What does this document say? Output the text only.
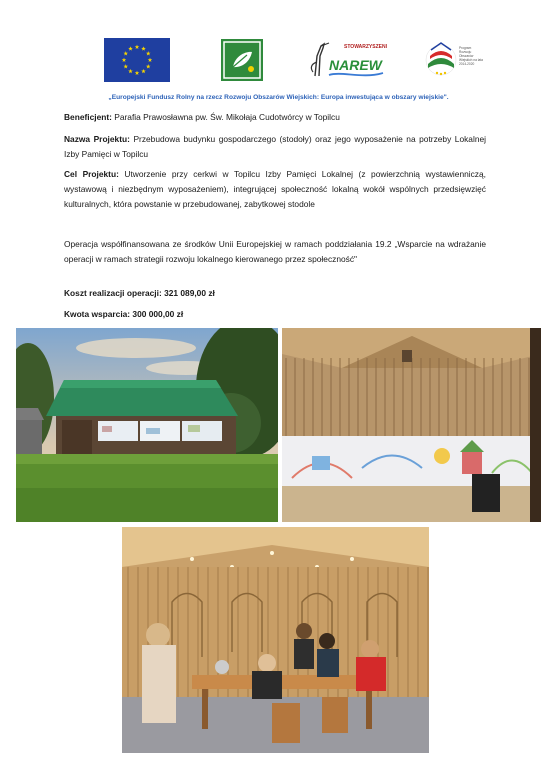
STOWARZYSZENIE
NAREW
Program Rozwoju Obszarów Wiejskich na lata 2014-2020
„Europejski Fundusz Rolny na rzecz Rozwoju Obszarów Wiejskich: Europa inwestująca w obszary wiejskie".
Beneficjent: Parafia Prawosławna pw. Św. Mikołaja Cudotwórcy w Topilcu
Nazwa Projektu: Przebudowa budynku gospodarczego (stodoły) oraz jego wyposażenie na potrzeby Lokalnej Izby Pamięci w Topilcu
Cel Projektu: Utworzenie przy cerkwi w Topilcu Izby Pamięci Lokalnej (z powierzchnią wystawienniczą, wystawową i niezbędnym wyposażeniem), integrującej społeczność lokalną wokół wspólnych przedsięwzięć kulturalnych, która powstanie w przebudowanej, zabytkowej stodole
Operacja współfinansowana ze środków Unii Europejskiej w ramach poddziałania 19.2 „Wsparcie na wdrażanie operacji w ramach strategii rozwoju lokalnego kierowanego przez społeczność"
Koszt realizacji operacji: 321 089,00 zł
Kwota wsparcia: 300 000,00 zł
